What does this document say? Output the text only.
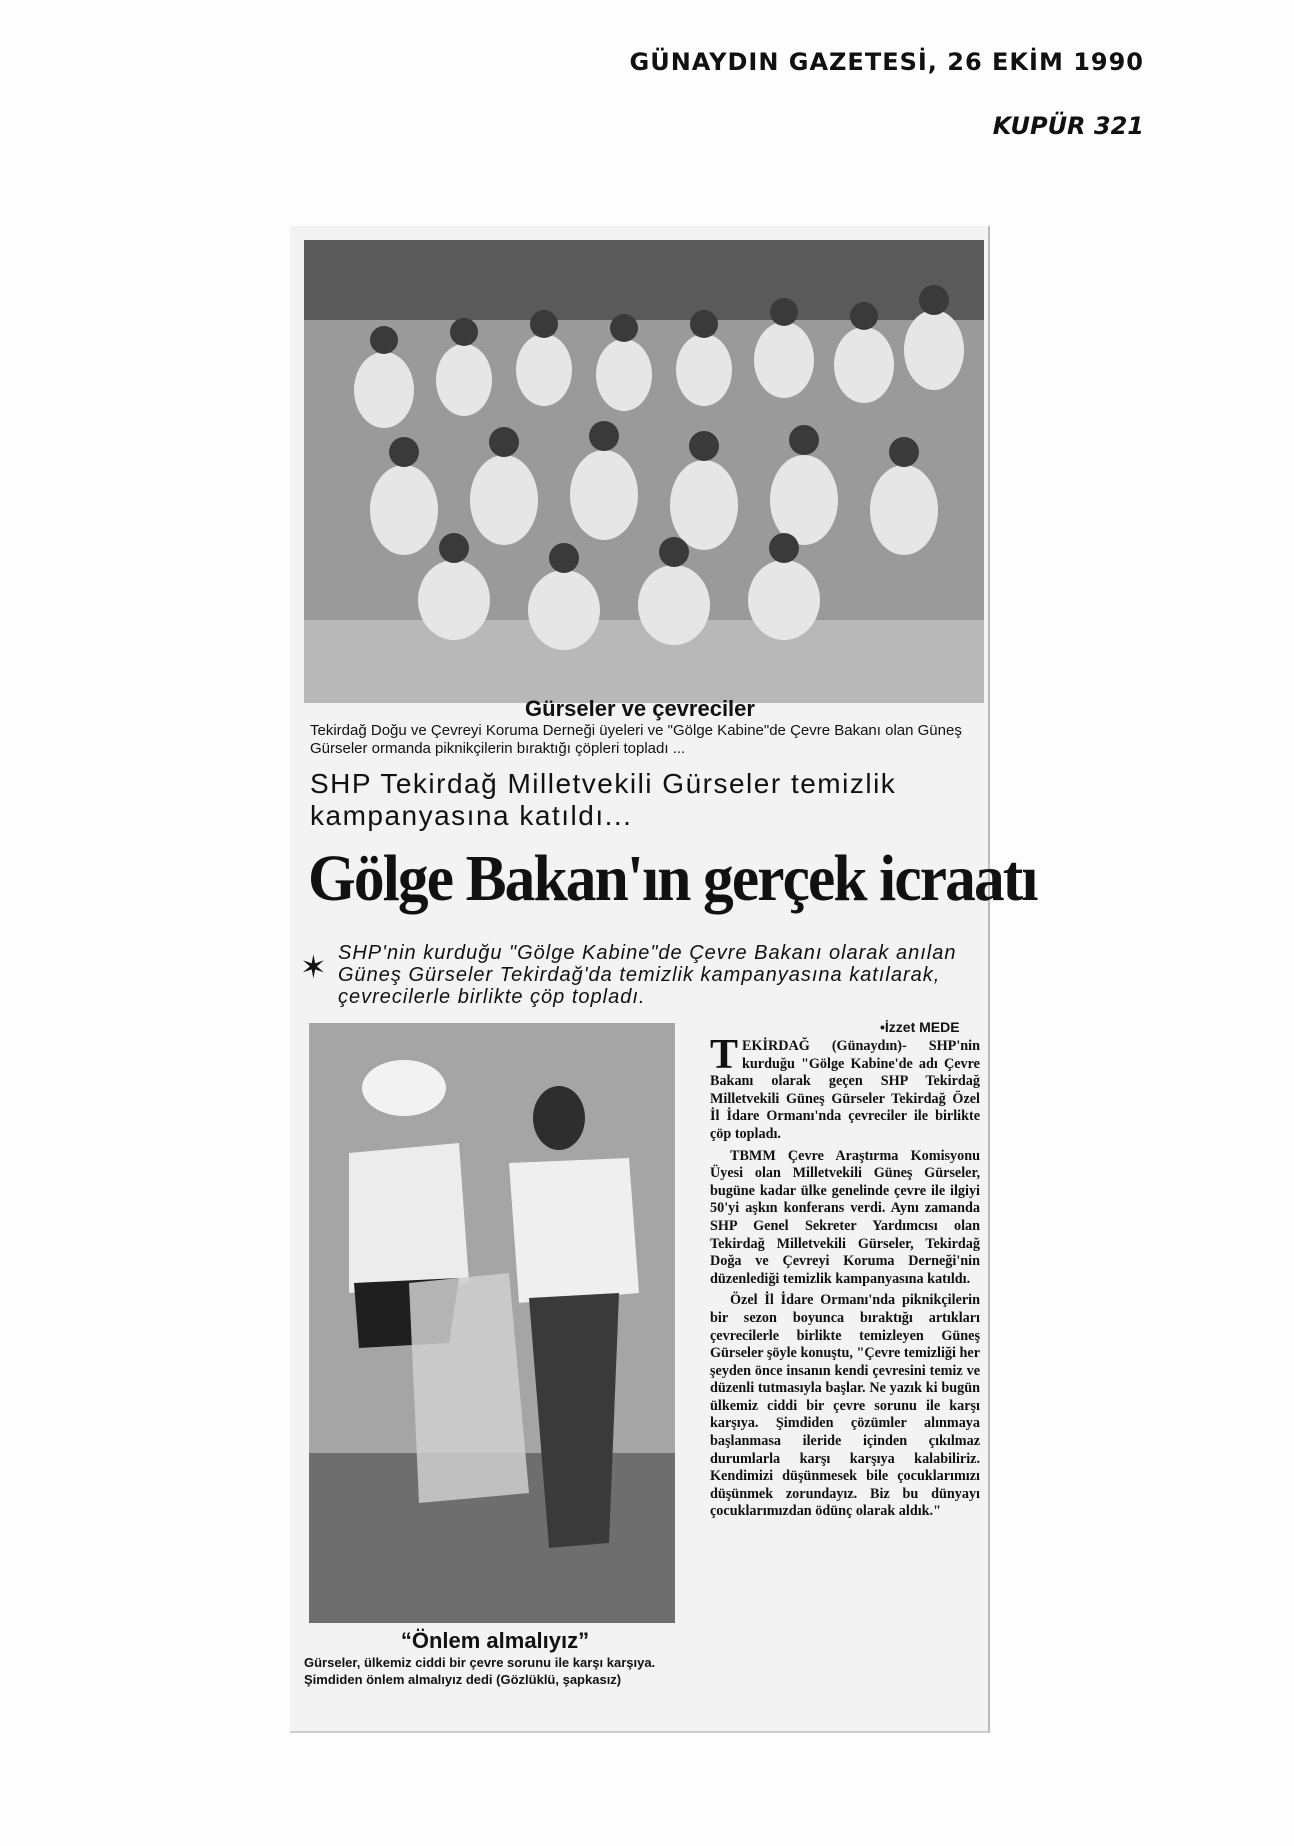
GÜNAYDIN GAZETESİ, 26 EKİM 1990
KUPÜR 321
Gürseler ve çevreciler
Tekirdağ Doğu ve Çevreyi Koruma Derneği üyeleri ve "Gölge Kabine"de Çevre Bakanı olan Güneş Gürseler ormanda piknikçilerin bıraktığı çöpleri topladı ...
SHP Tekirdağ Milletvekili Gürseler temizlik kampanyasına katıldı...
Gölge Bakan'ın gerçek icraatı
✶ SHP'nin kurduğu "Gölge Kabine"de Çevre Bakanı olarak anılan Güneş Gürseler Tekirdağ'da temizlik kampanyasına katılarak, çevrecilerle birlikte çöp topladı.
“Önlem almalıyız”
Gürseler, ülkemiz ciddi bir çevre sorunu ile karşı karşıya. Şimdiden önlem almalıyız dedi (Gözlüklü, şapkasız)
•İzzet MEDE

TEKİRDAĞ (Günaydın)- SHP'nin kurduğu "Gölge Kabine'de adı Çevre Bakanı olarak geçen SHP Tekirdağ Milletvekili Güneş Gürseler Tekirdağ Özel İl İdare Ormanı'nda çevreciler ile birlikte çöp topladı.

TBMM Çevre Araştırma Komisyonu Üyesi olan Milletvekili Güneş Gürseler, bugüne kadar ülke genelinde çevre ile ilgiyi 50'yi aşkın konferans verdi. Aynı zamanda SHP Genel Sekreter Yardımcısı olan Tekirdağ Milletvekili Gürseler, Tekirdağ Doğa ve Çevreyi Koruma Derneği'nin düzenlediği temizlik kampanyasına katıldı.

Özel İl İdare Ormanı'nda piknikçilerin bir sezon boyunca bıraktığı artıkları çevrecilerle birlikte temizleyen Güneş Gürseler şöyle konuştu, "Çevre temizliği her şeyden önce insanın kendi çevresini temiz ve düzenli tutmasıyla başlar. Ne yazık ki bugün ülkemiz ciddi bir çevre sorunu ile karşı karşıya. Şimdiden çözümler alınmaya başlanmasa ileride içinden çıkılmaz durumlarla karşı karşıya kalabiliriz. Kendimizi düşünmesek bile çocuklarımızı düşünmek zorundayız. Biz bu dünyayı çocuklarımızdan ödünç olarak aldık."
